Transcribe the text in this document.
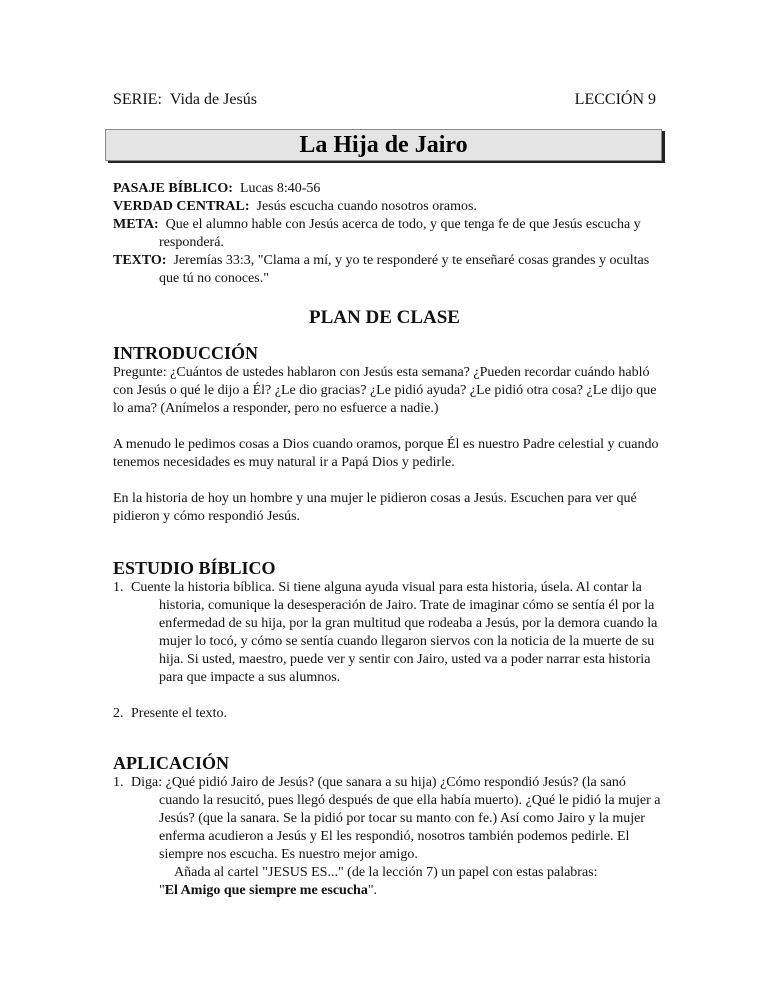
SERIE: Vida de Jesús	LECCIÓN 9
La Hija de Jairo
PASAJE BÍBLICO: Lucas 8:40-56
VERDAD CENTRAL: Jesús escucha cuando nosotros oramos.
META: Que el alumno hable con Jesús acerca de todo, y que tenga fe de que Jesús escucha y responderá.
TEXTO: Jeremías 33:3, "Clama a mí, y yo te responderé y te enseñaré cosas grandes y ocultas que tú no conoces."
PLAN DE CLASE
INTRODUCCIÓN
Pregunte: ¿Cuántos de ustedes hablaron con Jesús esta semana? ¿Pueden recordar cuándo habló con Jesús o qué le dijo a Él? ¿Le dio gracias? ¿Le pidió ayuda? ¿Le pidió otra cosa? ¿Le dijo que lo ama? (Anímelos a responder, pero no esfuerce a nadie.)
A menudo le pedimos cosas a Dios cuando oramos, porque Él es nuestro Padre celestial y cuando tenemos necesidades es muy natural ir a Papá Dios y pedirle.
En la historia de hoy un hombre y una mujer le pidieron cosas a Jesús. Escuchen para ver qué pidieron y cómo respondió Jesús.
ESTUDIO BÍBLICO
1. Cuente la historia bíblica. Si tiene alguna ayuda visual para esta historia, úsela. Al contar la historia, comunique la desesperación de Jairo. Trate de imaginar cómo se sentía él por la enfermedad de su hija, por la gran multitud que rodeaba a Jesús, por la demora cuando la mujer lo tocó, y cómo se sentía cuando llegaron siervos con la noticia de la muerte de su hija. Si usted, maestro, puede ver y sentir con Jairo, usted va a poder narrar esta historia para que impacte a sus alumnos.
2. Presente el texto.
APLICACIÓN
1. Diga: ¿Qué pidió Jairo de Jesús? (que sanara a su hija) ¿Cómo respondió Jesús? (la sanó cuando la resucitó, pues llegó después de que ella había muerto). ¿Qué le pidió la mujer a Jesús? (que la sanara. Se la pidió por tocar su manto con fe.) Así como Jairo y la mujer enferma acudieron a Jesús y El les respondió, nosotros también podemos pedirle. El siempre nos escucha. Es nuestro mejor amigo.
Añada al cartel "JESUS ES..." (de la lección 7) un papel con estas palabras:
"El Amigo que siempre me escucha".
